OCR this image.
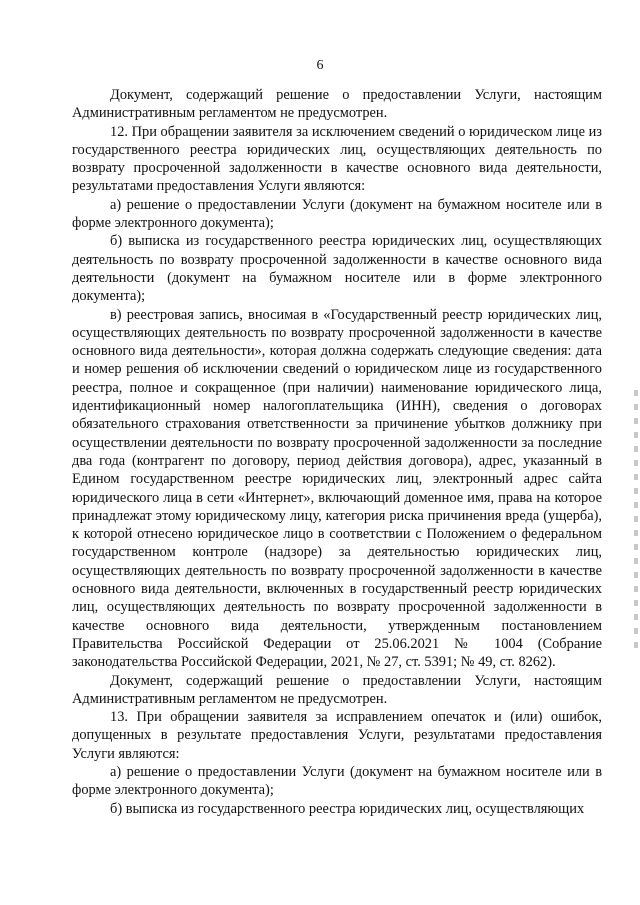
6

Документ, содержащий решение о предоставлении Услуги, настоящим Административным регламентом не предусмотрен.

12. При обращении заявителя за исключением сведений о юридическом лице из государственного реестра юридических лиц, осуществляющих деятельность по возврату просроченной задолженности в качестве основного вида деятельности, результатами предоставления Услуги являются:

а) решение о предоставлении Услуги (документ на бумажном носителе или в форме электронного документа);

б) выписка из государственного реестра юридических лиц, осуществляющих деятельность по возврату просроченной задолженности в качестве основного вида деятельности (документ на бумажном носителе или в форме электронного документа);

в) реестровая запись, вносимая в «Государственный реестр юридических лиц, осуществляющих деятельность по возврату просроченной задолженности в качестве основного вида деятельности», которая должна содержать следующие сведения: дата и номер решения об исключении сведений о юридическом лице из государственного реестра, полное и сокращенное (при наличии) наименование юридического лица, идентификационный номер налогоплательщика (ИНН), сведения о договорах обязательного страхования ответственности за причинение убытков должнику при осуществлении деятельности по возврату просроченной задолженности за последние два года (контрагент по договору, период действия договора), адрес, указанный в Едином государственном реестре юридических лиц, электронный адрес сайта юридического лица в сети «Интернет», включающий доменное имя, права на которое принадлежат этому юридическому лицу, категория риска причинения вреда (ущерба), к которой отнесено юридическое лицо в соответствии с Положением о федеральном государственном контроле (надзоре) за деятельностью юридических лиц, осуществляющих деятельность по возврату просроченной задолженности в качестве основного вида деятельности, включенных в государственный реестр юридических лиц, осуществляющих деятельность по возврату просроченной задолженности в качестве основного вида деятельности, утвержденным постановлением Правительства Российской Федерации от 25.06.2021 № 1004 (Собрание законодательства Российской Федерации, 2021, № 27, ст. 5391; № 49, ст. 8262).

Документ, содержащий решение о предоставлении Услуги, настоящим Административным регламентом не предусмотрен.

13. При обращении заявителя за исправлением опечаток и (или) ошибок, допущенных в результате предоставления Услуги, результатами предоставления Услуги являются:

а) решение о предоставлении Услуги (документ на бумажном носителе или в форме электронного документа);

б) выписка из государственного реестра юридических лиц, осуществляющих
